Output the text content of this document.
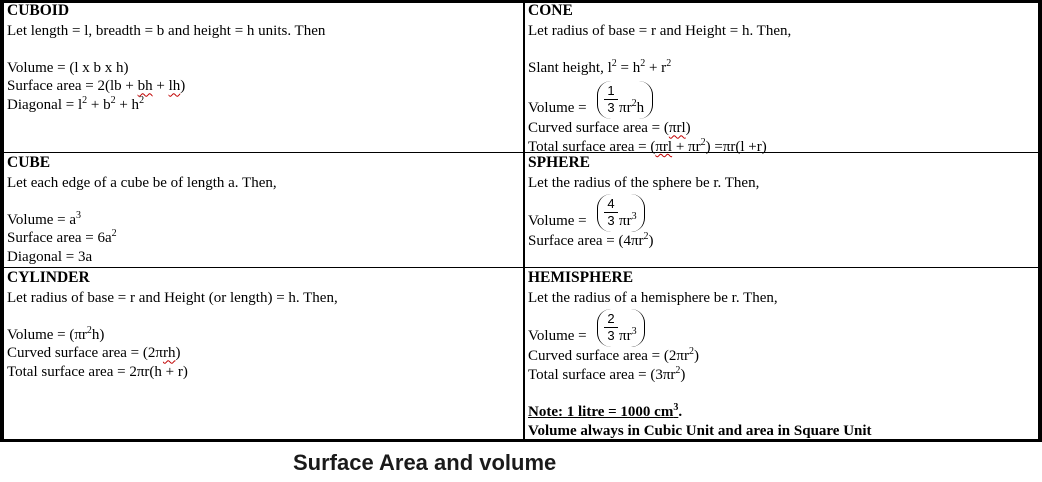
CUBOID
Let length = l, breadth = b and height = h units. Then
Volume = (l x b x h)
Surface area = 2(lb + bh + lh)
Diagonal = $l^2 + b^2 + h^2$
CONE
Let radius of base = r and Height = h. Then,
Slant height, $l^2 = h^2 + r^2$
Volume = $\frac{1}{3} \pi r^2h$
Curved surface area = (πrl)
Total surface area = $(\pi rl + \pi r^2) =\pi r(l +r)$
CUBE
Let each edge of a cube be of length a. Then,
Volume = $a^3$
Surface area = $6a^2$
Diagonal = 3a
SPHERE
Let the radius of the sphere be r. Then,
Volume = $\frac{4}{3} \pi r^3$
Surface area = $(4\pi r^2)$
CYLINDER
Let radius of base = r and Height (or length) = h. Then,
Volume = $(\pi r^2h)$
Curved surface area = (2πrh)
Total surface area = 2πr(h + r)
HEMISPHERE
Let the radius of a hemisphere be r. Then,
Volume = $\frac{2}{3} \pi r^3$
Curved surface area = $(2\pi r^2)$
Total surface area = $(3\pi r^2)$
Note: 1 litre = 1000 $cm^3$.
Volume always in Cubic Unit and area in Square Unit
Surface Area and volume
